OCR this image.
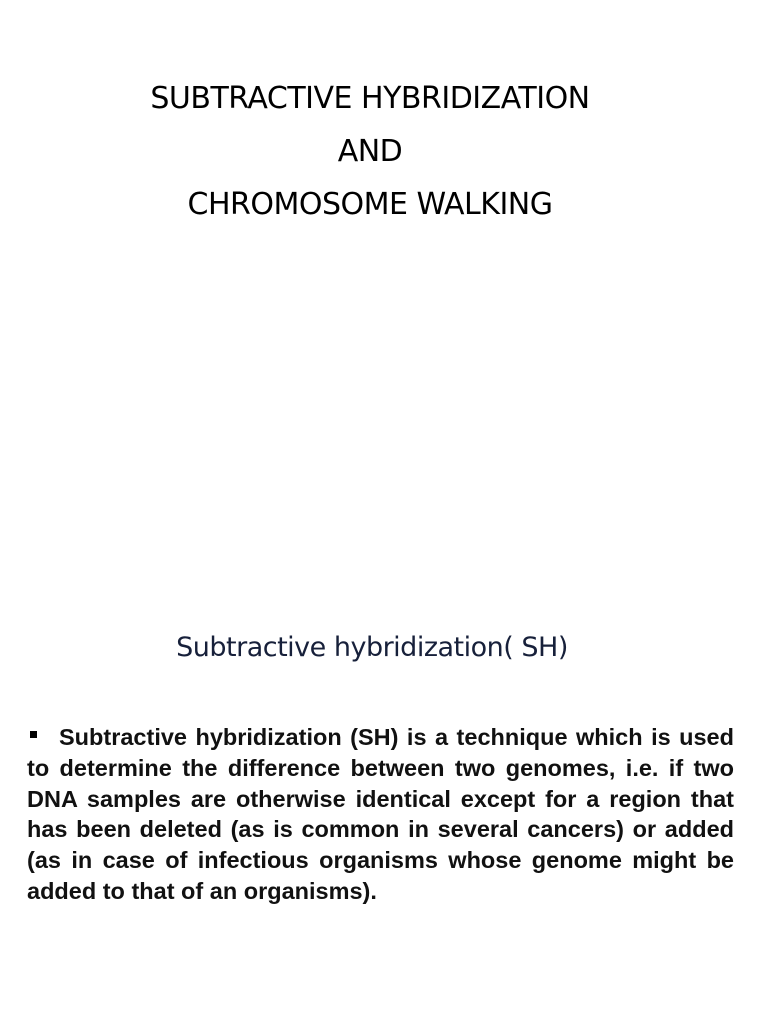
SUBTRACTIVE HYBRIDIZATION
AND
CHROMOSOME WALKING
Subtractive hybridization( SH)

Subtractive hybridization (SH) is a technique which is used to determine the difference between two genomes, i.e. if two DNA samples are otherwise identical except for a region that has been deleted (as is common in several cancers) or added (as in case of infectious organisms whose genome might be added to that of an organisms).
